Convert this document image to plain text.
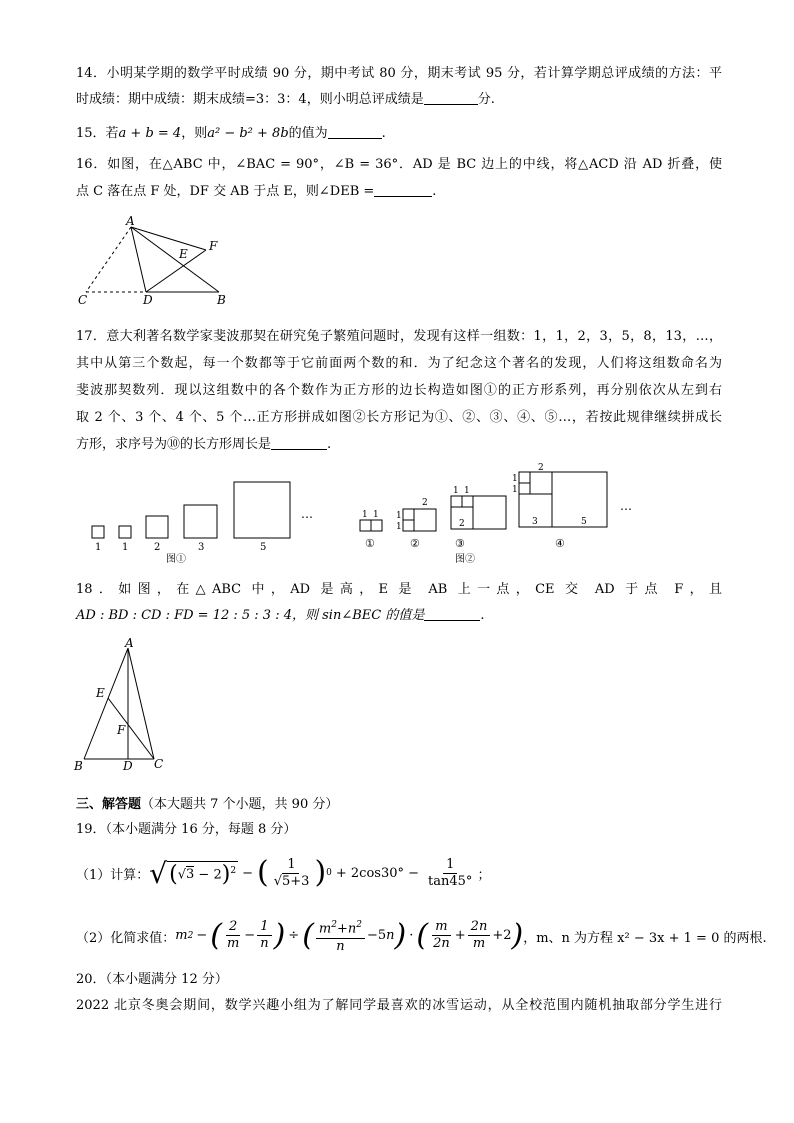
14．小明某学期的数学平时成绩 90 分，期中考试 80 分，期末考试 95 分，若计算学期总评成绩的方法：平
时成绩：期中成绩：期末成绩=3：3：4，则小明总评成绩是	分.
15．若a + b = 4，则a² − b² + 8b的值为	.
16．如图，在△ABC 中，∠BAC = 90°，∠B = 36°．AD 是 BC 边上的中线，将△ACD 沿 AD 折叠，使
点 C 落在点 F 处，DF 交 AB 于点 E，则∠DEB =	.
A
F
E
C	D	B
17．意大利著名数学家斐波那契在研究兔子繁殖问题时，发现有这样一组数：1，1，2，3，5，8，13，…，
其中从第三个数起，每一个数都等于它前面两个数的和．为了纪念这个著名的发现，人们将这组数命名为
斐波那契数列．现以这组数中的各个数作为正方形的边长构造如图①的正方形系列，再分别依次从左到右
取 2 个、3 个、4 个、5 个…正方形拼成如图②长方形记为①、②、③、④、⑤…，若按此规律继续拼成长
方形，求序号为⑩的长方形周长是	.
…
1 1	2	3	5
图①
1 1
①
1
1
2
②
1 1
2
③
1
1
2
3	5
④
…
图②
18．如图，在△ABC 中，AD 是高，E 是 AB 上一点，CE 交 AD 于点 F，且
AD : BD : CD : FD = 12 : 5 : 3 : 4，则 sin∠BEC 的值是	.
A
E
F
B	D C
三、解答题（本大题共 7 个小题，共 90 分）
19．（本小题满分 16 分，每题 8 分）
（1）计算： √ $(√3 - 2)^2$ − ( $\frac{1}{√5+3}$ ) $0 + 2\cos 30^\circ - \frac{1}{\tan 45^\circ}$ ；
（2）化简求值： m 2 − ( $\frac{2}{m} - \frac{1}{n}$ ) ÷ ( $\frac{m^2+n^2}{n} -5$ n ) · ( $\frac{m}{2n} + \frac{2n}{m} +2$ ) ，m、n 为方程 x² − 3x + 1 = 0 的两根.
20．（本小题满分 12 分）
2022 北京冬奥会期间，数学兴趣小组为了解同学最喜欢的冰雪运动，从全校范围内随机抽取部分学生进行
